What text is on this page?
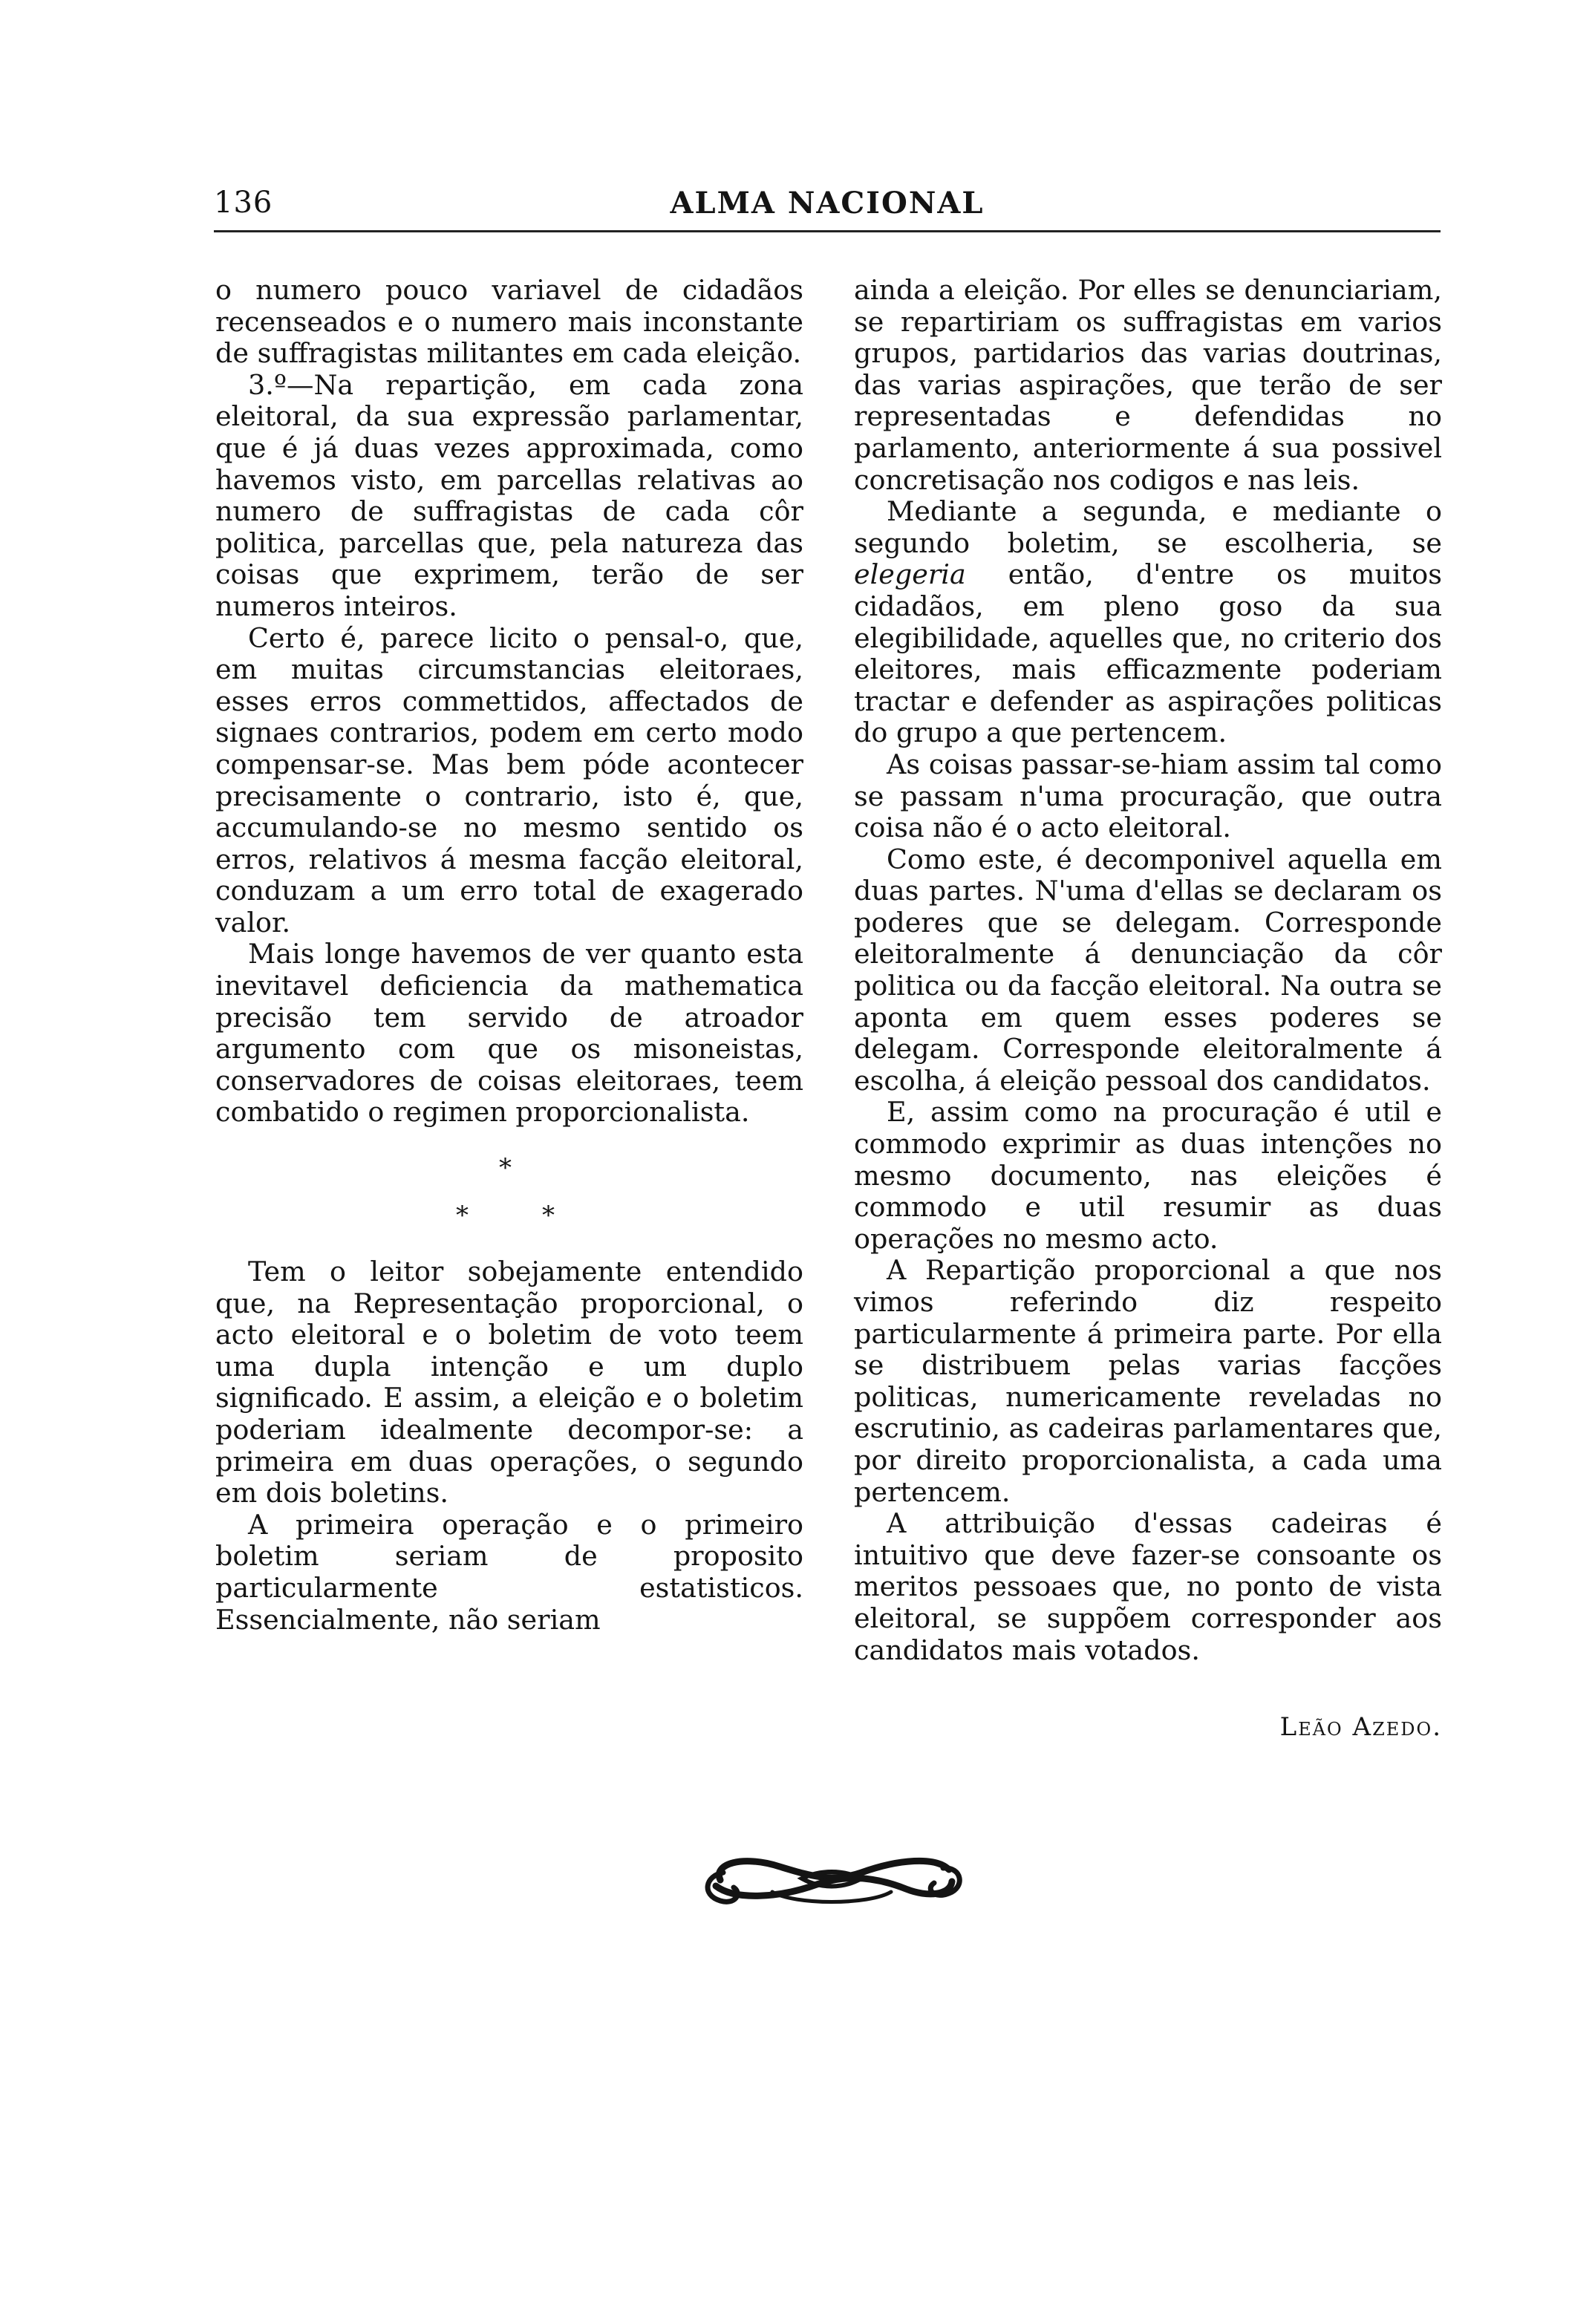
136	ALMA NACIONAL

o numero pouco variavel de cidadãos recenseados e o numero mais inconstante de suffragistas militantes em cada eleição.

3.º—Na repartição, em cada zona eleitoral, da sua expressão parlamentar, que é já duas vezes approximada, como havemos visto, em parcellas relativas ao numero de suffragistas de cada côr politica, parcellas que, pela natureza das coisas que exprimem, terão de ser numeros inteiros.

Certo é, parece licito o pensal-o, que, em muitas circumstancias eleitoraes, esses erros commettidos, affectados de signaes contrarios, podem em certo modo compensar-se. Mas bem póde acontecer precisamente o contrario, isto é, que, accumulando-se no mesmo sentido os erros, relativos á mesma facção eleitoral, conduzam a um erro total de exagerado valor.

Mais longe havemos de ver quanto esta inevitavel deficiencia da mathematica precisão tem servido de atroador argumento com que os misoneistas, conservadores de coisas eleitoraes, teem combatido o regimen proporcionalista.

*
*	*

Tem o leitor sobejamente entendido que, na Representação proporcional, o acto eleitoral e o boletim de voto teem uma dupla intenção e um duplo significado. E assim, a eleição e o boletim poderiam idealmente decompor-se: a primeira em duas operações, o segundo em dois boletins.

A primeira operação e o primeiro boletim seriam de proposito particularmente estatisticos. Essencialmente, não seriam

ainda a eleição. Por elles se denunciariam, se repartiriam os suffragistas em varios grupos, partidarios das varias doutrinas, das varias aspirações, que terão de ser representadas e defendidas no parlamento, anteriormente á sua possivel concretisação nos codigos e nas leis.

Mediante a segunda, e mediante o segundo boletim, se escolheria, se elegeria então, d'entre os muitos cidadãos, em pleno goso da sua elegibilidade, aquelles que, no criterio dos eleitores, mais efficazmente poderiam tractar e defender as aspirações politicas do grupo a que pertencem.

As coisas passar-se-hiam assim tal como se passam n'uma procuração, que outra coisa não é o acto eleitoral.

Como este, é decomponivel aquella em duas partes. N'uma d'ellas se declaram os poderes que se delegam. Corresponde eleitoralmente á denunciação da côr politica ou da facção eleitoral. Na outra se aponta em quem esses poderes se delegam. Corresponde eleitoralmente á escolha, á eleição pessoal dos candidatos.

E, assim como na procuração é util e commodo exprimir as duas intenções no mesmo documento, nas eleições é commodo e util resumir as duas operações no mesmo acto.

A Repartição proporcional a que nos vimos referindo diz respeito particularmente á primeira parte. Por ella se distribuem pelas varias facções politicas, numericamente reveladas no escrutinio, as cadeiras parlamentares que, por direito proporcionalista, a cada uma pertencem.

A attribuição d'essas cadeiras é intuitivo que deve fazer-se consoante os meritos pessoaes que, no ponto de vista eleitoral, se suppõem corresponder aos candidatos mais votados.

Leão Azedo.
